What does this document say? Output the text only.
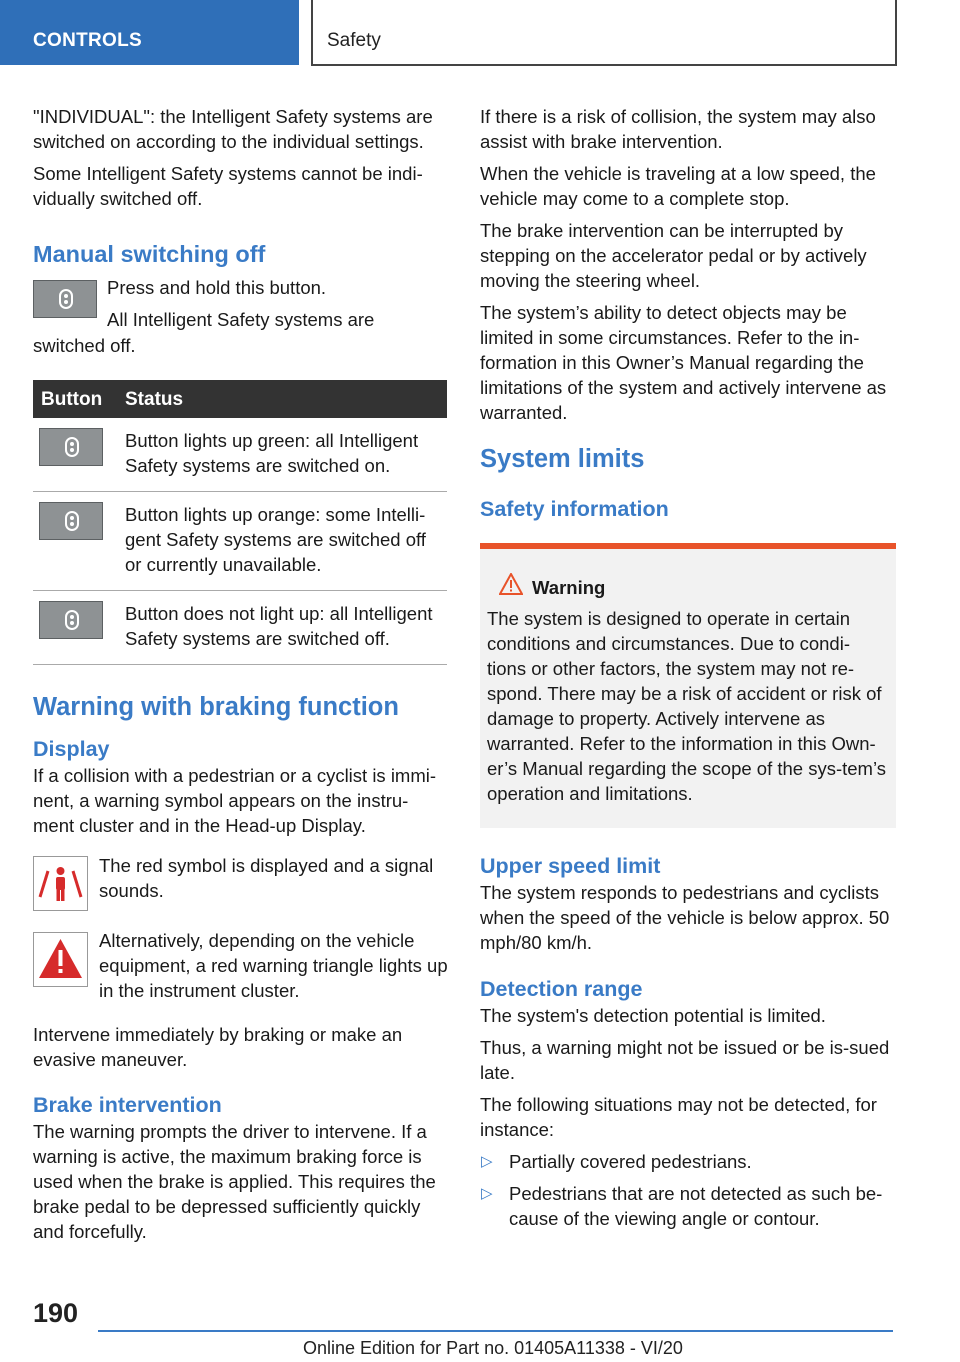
CONTROLS	Safety

"INDIVIDUAL": the Intelligent Safety systems are switched on according to the individual settings.

Some Intelligent Safety systems cannot be indi-vidually switched off.

Manual switching off
Press and hold this button.
All Intelligent Safety systems are

switched off.

Button	Status

	Button lights up green: all Intelligent Safety systems are switched on.

	Button lights up orange: some Intelli-gent Safety systems are switched off or currently unavailable.

	Button does not light up: all Intelligent Safety systems are switched off.
Warning with braking function
Display

If a collision with a pedestrian or a cyclist is immi-nent, a warning symbol appears on the instru-ment cluster and in the Head-up Display.

The red symbol is displayed and a signal sounds.
Alternatively, depending on the vehicle equipment, a red warning triangle lights up in the instrument cluster.

Intervene immediately by braking or make an evasive maneuver.

Brake intervention

The warning prompts the driver to intervene. If a warning is active, the maximum braking force is used when the brake is applied. This requires the brake pedal to be depressed sufficiently quickly and forcefully.

If there is a risk of collision, the system may also assist with brake intervention.

When the vehicle is traveling at a low speed, the vehicle may come to a complete stop.

The brake intervention can be interrupted by stepping on the accelerator pedal or by actively moving the steering wheel.

The system’s ability to detect objects may be limited in some circumstances. Refer to the in-formation in this Owner’s Manual regarding the limitations of the system and actively intervene as warranted.

System limits
Safety information
Warning
The system is designed to operate in certain conditions and circumstances. Due to condi-tions or other factors, the system may not re-spond. There may be a risk of accident or risk of damage to property. Actively intervene as warranted. Refer to the information in this Own-er’s Manual regarding the scope of the sys-tem’s operation and limitations.
Upper speed limit

The system responds to pedestrians and cyclists when the speed of the vehicle is below approx. 50 mph/80 km/h.

Detection range

The system's detection potential is limited.

Thus, a warning might not be issued or be is-sued late.

The following situations may not be detected, for instance:

▷ Partially covered pedestrians.
▷ Pedestrians that are not detected as such be-cause of the viewing angle or contour.
190
Online Edition for Part no. 01405A11338 - VI/20
